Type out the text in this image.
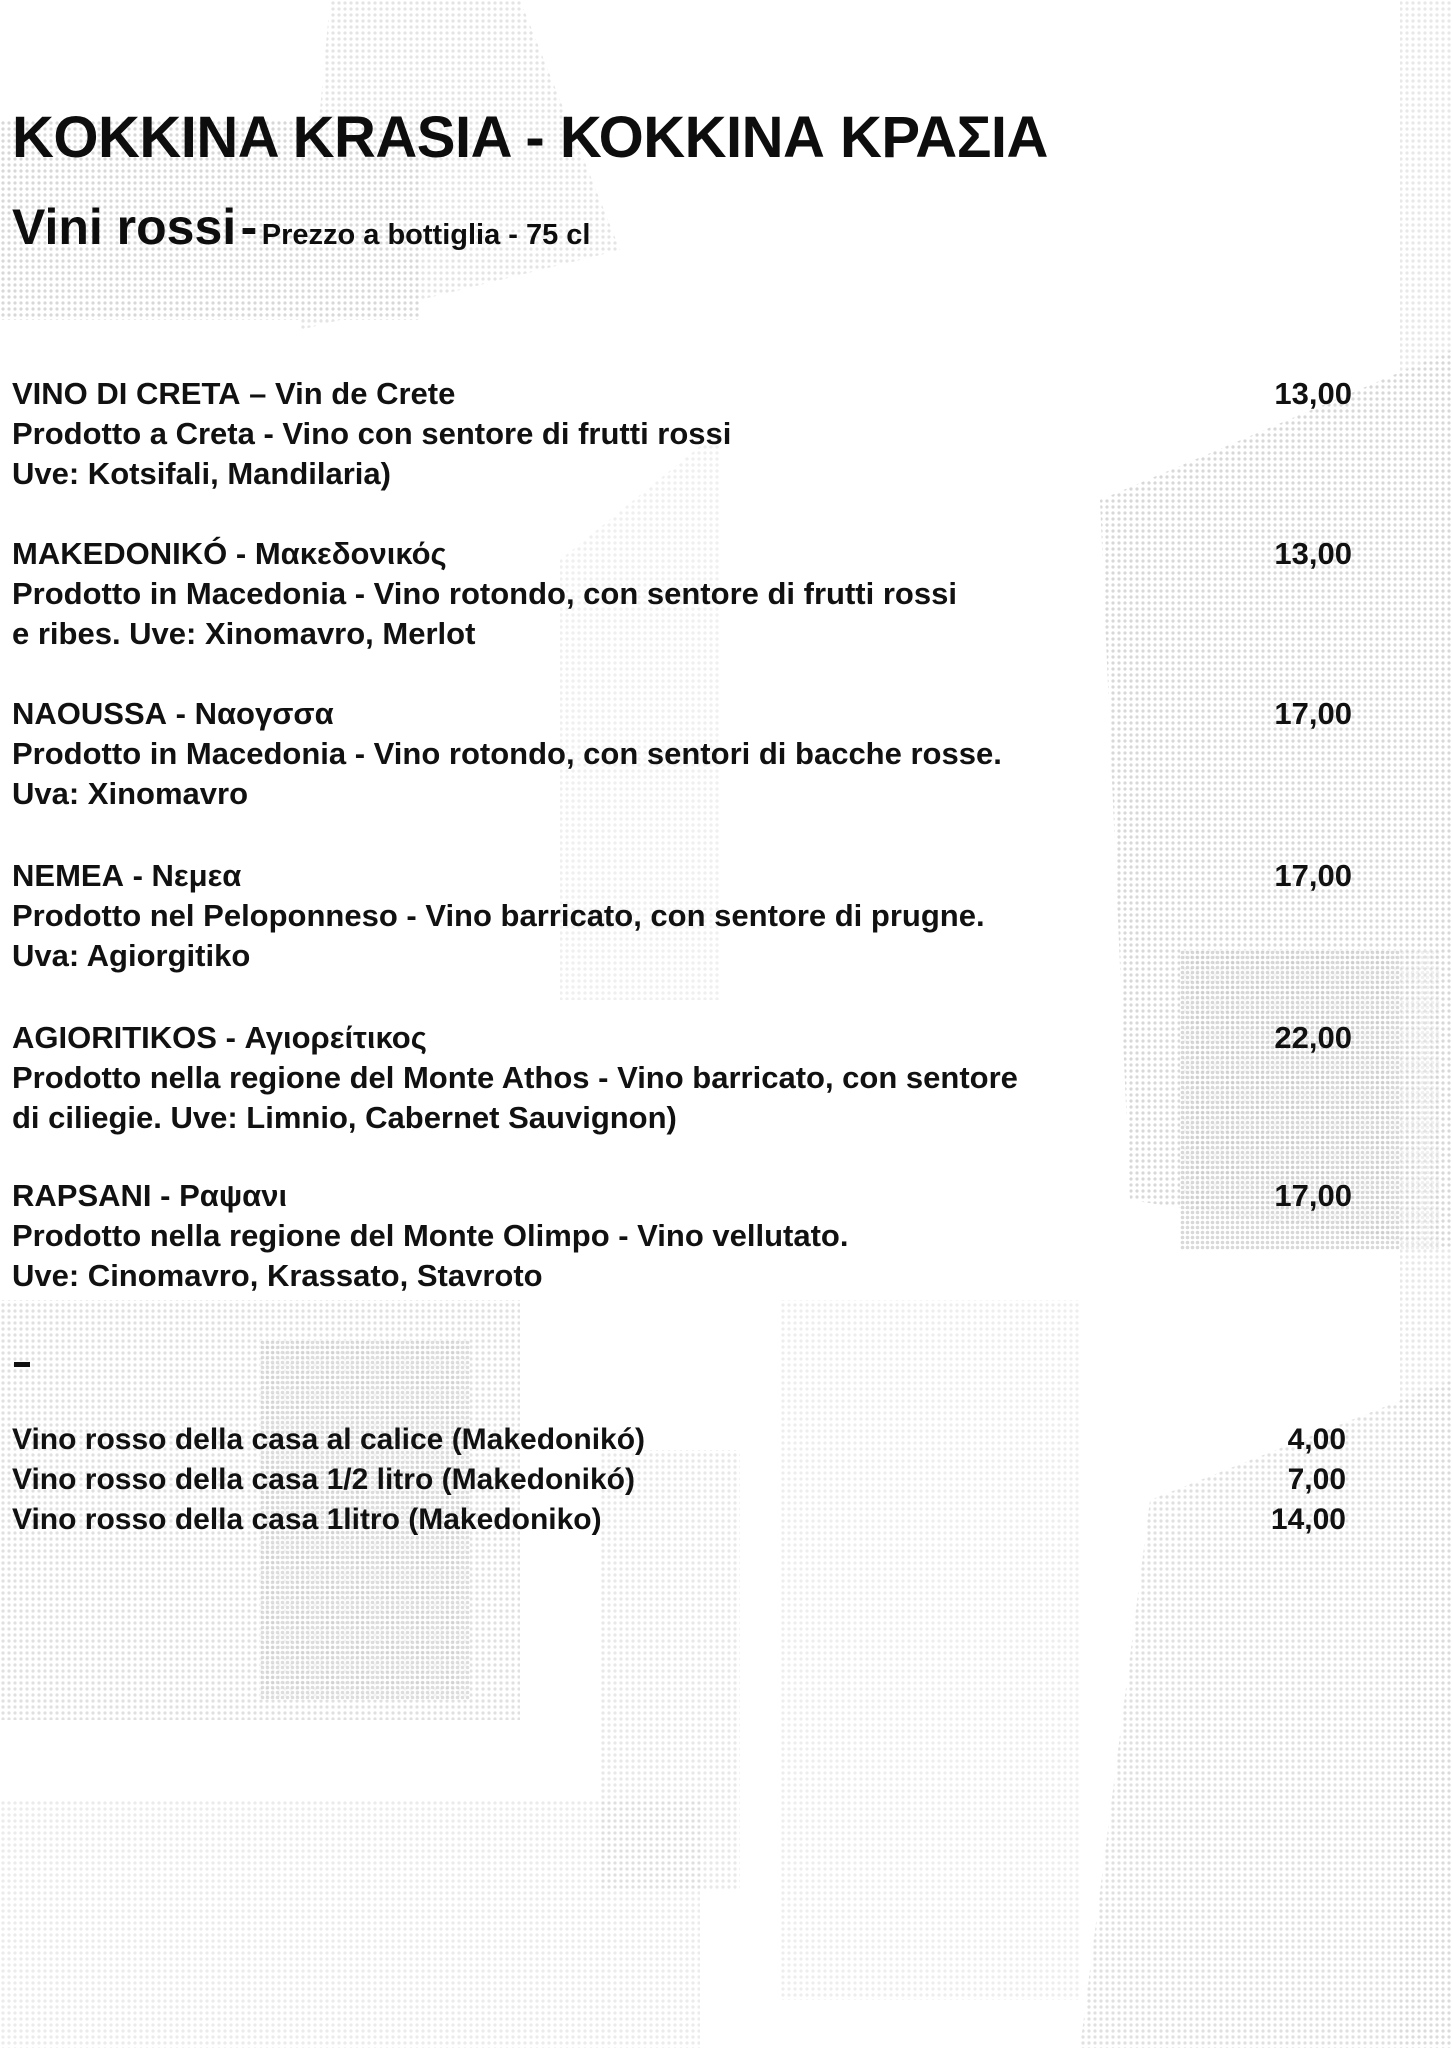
KOKKINA KRASIA - ΚΟΚΚΙΝΑ ΚΡΑΣΙΑ
Vini rossi - Prezzo a bottiglia - 75 cl
VINO DI CRETA – Vin de Crete	13,00
Prodotto a Creta - Vino con sentore di frutti rossi
Uve: Kotsifali, Mandilaria)
MAKEDONIKÓ - Μακεδονικός	13,00
Prodotto in Macedonia - Vino rotondo, con sentore di frutti rossi
e ribes. Uve: Xinomavro, Merlot
NAOUSSA - Ναογσσα	17,00
Prodotto in Macedonia - Vino rotondo, con sentori di bacche rosse.
Uva: Xinomavro
NEMEA - Νεμεα	17,00
Prodotto nel Peloponneso - Vino barricato, con sentore di prugne.
Uva: Agiorgitiko
AGIORITIKOS - Αγιορείτικος	22,00
Prodotto nella regione del Monte Athos - Vino barricato, con sentore
di ciliegie. Uve: Limnio, Cabernet Sauvignon)
RAPSANI - Ραψανι	17,00
Prodotto nella regione del Monte Olimpo - Vino vellutato.
Uve: Cinomavro, Krassato, Stavroto
Vino rosso della casa al calice (Makedonikó)	4,00
Vino rosso della casa 1/2 litro (Makedonikó)	7,00
Vino rosso della casa 1litro (Makedoniko)	14,00
